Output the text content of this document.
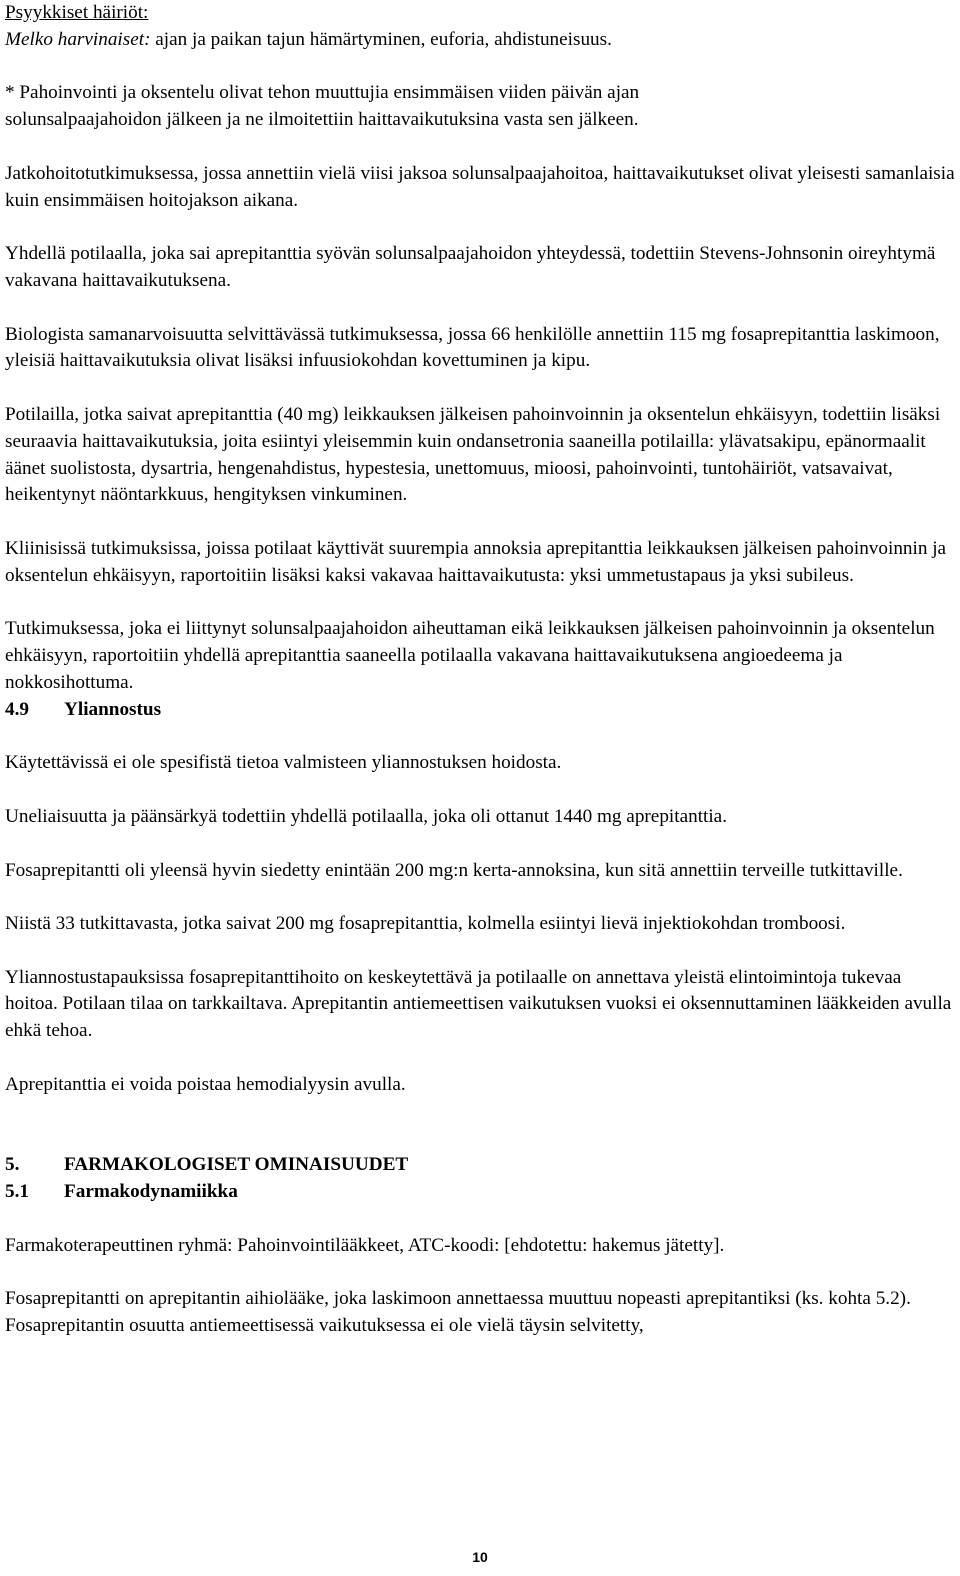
Psyykkiset häiriöt:
Melko harvinaiset: ajan ja paikan tajun hämärtyminen, euforia, ahdistuneisuus.
* Pahoinvointi ja oksentelu olivat tehon muuttujia ensimmäisen viiden päivän ajan
solunsalpaajahoidon jälkeen ja ne ilmoitettiin haittavaikutuksina vasta sen jälkeen.

Jatkohoitotutkimuksessa, jossa annettiin vielä viisi jaksoa solunsalpaajahoitoa, haittavaikutukset olivat yleisesti samanlaisia kuin ensimmäisen hoitojakson aikana.

Yhdellä potilaalla, joka sai aprepitanttia syövän solunsalpaajahoidon yhteydessä, todettiin Stevens-Johnsonin oireyhtymä vakavana haittavaikutuksena.

Biologista samanarvoisuutta selvittävässä tutkimuksessa, jossa 66 henkilölle annettiin 115 mg fosaprepitanttia laskimoon, yleisiä haittavaikutuksia olivat lisäksi infuusiokohdan kovettuminen ja kipu.

Potilailla, jotka saivat aprepitanttia (40 mg) leikkauksen jälkeisen pahoinvoinnin ja oksentelun ehkäisyyn, todettiin lisäksi seuraavia haittavaikutuksia, joita esiintyi yleisemmin kuin ondansetronia saaneilla potilailla: ylävatsakipu, epänormaalit äänet suolistosta, dysartria, hengenahdistus, hypestesia, unettomuus, mioosi, pahoinvointi, tuntohäiriöt, vatsavaivat, heikentynyt näöntarkkuus, hengityksen vinkuminen.

Kliinisissä tutkimuksissa, joissa potilaat käyttivät suurempia annoksia aprepitanttia leikkauksen jälkeisen pahoinvoinnin ja oksentelun ehkäisyyn, raportoitiin lisäksi kaksi vakavaa haittavaikutusta: yksi ummetustapaus ja yksi subileus.

Tutkimuksessa, joka ei liittynyt solunsalpaajahoidon aiheuttaman eikä leikkauksen jälkeisen pahoinvoinnin ja oksentelun ehkäisyyn, raportoitiin yhdellä aprepitanttia saaneella potilaalla vakavana haittavaikutuksena angioedeema ja nokkosihottuma.

4.9 Yliannostus

Käytettävissä ei ole spesifistä tietoa valmisteen yliannostuksen hoidosta.

Uneliaisuutta ja päänsärkyä todettiin yhdellä potilaalla, joka oli ottanut 1440 mg aprepitanttia.

Fosaprepitantti oli yleensä hyvin siedetty enintään 200 mg:n kerta-annoksina, kun sitä annettiin terveille tutkittaville.

Niistä 33 tutkittavasta, jotka saivat 200 mg fosaprepitanttia, kolmella esiintyi lievä injektiokohdan tromboosi.

Yliannostustapauksissa fosaprepitanttihoito on keskeytettävä ja potilaalle on annettava yleistä elintoimintoja tukevaa hoitoa. Potilaan tilaa on tarkkailtava. Aprepitantin antiemeettisen vaikutuksen vuoksi ei oksennuttaminen lääkkeiden avulla ehkä tehoa.

Aprepitanttia ei voida poistaa hemodialyysin avulla.

5. FARMAKOLOGISET OMINAISUUDET
5.1 Farmakodynamiikka

Farmakoterapeuttinen ryhmä: Pahoinvointilääkkeet, ATC-koodi: [ehdotettu: hakemus jätetty].

Fosaprepitantti on aprepitantin aihiolääke, joka laskimoon annettaessa muuttuu nopeasti aprepitantiksi (ks. kohta 5.2). Fosaprepitantin osuutta antiemeettisessä vaikutuksessa ei ole vielä täysin selvitetty,

10
